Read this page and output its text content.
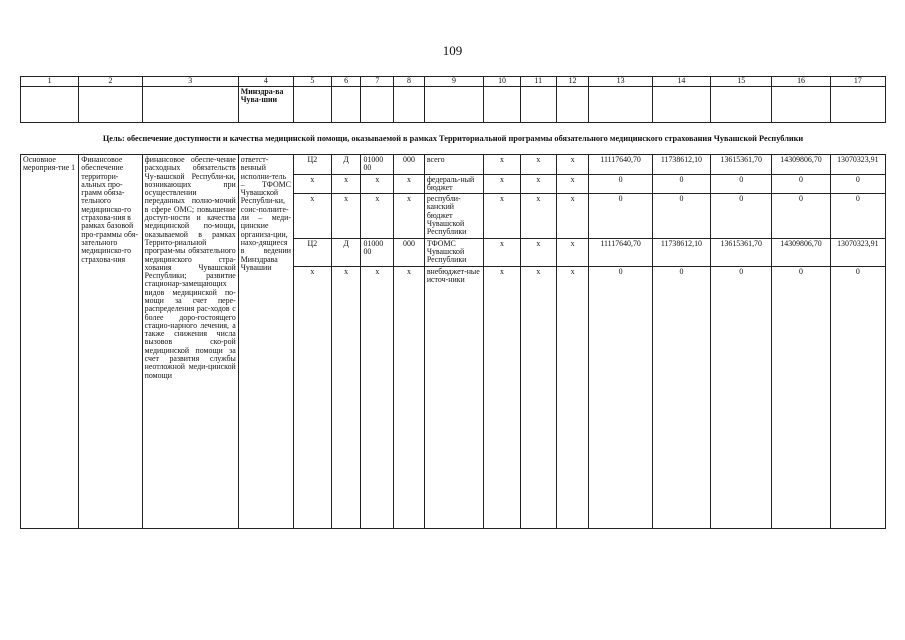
109
1	2	3	4	5	6	7	8	9	10	11	12	13	14	15	16	17
			Минздра-ва Чува-шии													
Цель: обеспечение доступности и качества медицинской помощи, оказываемой в рамках Территориальной программы обязательного медицинского страхования Чувашской Республики																
Основное мероприя-тие 1	Финансовое обеспечение территори-альных про-грамм обяза-тельного медицинско-го страхова-ния в рамках базовой про-граммы обя-зательного медицинско-го страхова-ния	финансовое обеспе-чение расходных обязательств Чу-вашской Республи-ки, возникающих при осуществлении переданных полно-мочий в сфере ОМС; повышение доступ-ности и качества медицинской по-мощи, оказываемой в рамках Террито-риальной програм-мы обязательного медицинского стра-хования Чувашской Республики; развитие стационар-замещающих видов медицинской по-мощи за счет пере-распределения рас-ходов с более доро-гостоящего стацио-нарного лечения, а также снижения числа вызовов ско-рой медицинской помощи за счет развития службы неотложной меди-цинской помощи	ответст-венный исполни-тель – ТФОМС Чувашской Республи-ки, соис-полните-ли – меди-цинские организа-ции, нахо-дящиеся в ведении Минздрава Чувашии	Ц2	Д	01000 00	000	всего	x	x	x	11117640,70	11738612,10	13615361,70	14309806,70	13070323,91
				x	x	x	x	федераль-ный бюджет	x	x	x	0	0	0	0	0
				x	x	x	x	республи-канский бюджет Чувашской Республики	x	x	x	0	0	0	0	0
				Ц2	Д	01000 00	000	ТФОМС Чувашской Республики	x	x	x	11117640,70	11738612,10	13615361,70	14309806,70	13070323,91
				x	x	x	x	внебюджет-ные источ-ники	x	x	x	0	0	0	0	0
